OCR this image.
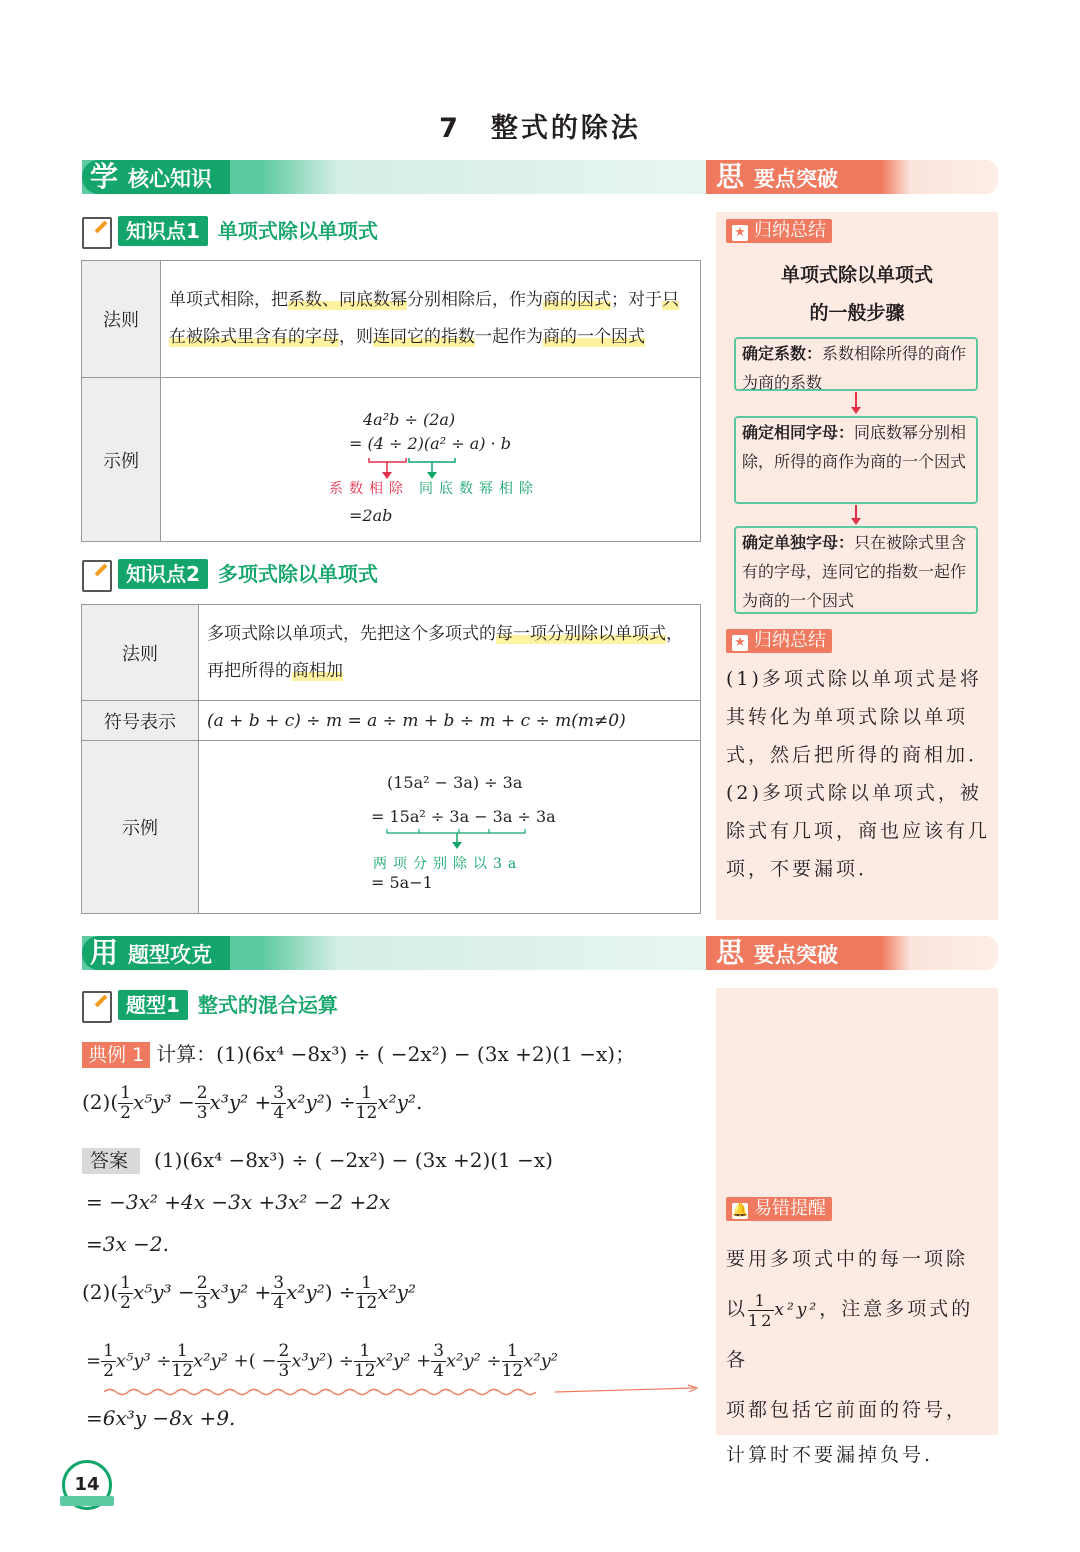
7　整式的除法
学 核心知识	思 要点突破
知识点1 单项式除以单项式
法则	单项式相除，把系数、同底数幂分别相除后，作为商的因式；对于只在被除式里含有的字母，则连同它的指数一起作为商的一个因式
示例	4a²b ÷ (2a)
= (4 ÷ 2)(a² ÷ a) · b
系数相除 同底数幂相除
=2ab
知识点2 多项式除以单项式
法则	多项式除以单项式，先把这个多项式的每一项分别除以单项式，再把所得的商相加
符号表示	(a + b + c) ÷ m = a ÷ m + b ÷ m + c ÷ m(m≠0)
示例	(15a² − 3a) ÷ 3a
= 15a² ÷ 3a − 3a ÷ 3a
两项分别除以3a
= 5a−1
★ 归纳总结
单项式除以单项式
的一般步骤
确定系数：系数相除所得的商作为商的系数
确定相同字母：同底数幂分别相除，所得的商作为商的一个因式
确定单独字母：只在被除式里含有的字母，连同它的指数一起作为商的一个因式
★ 归纳总结
(1)多项式除以单项式是将其转化为单项式除以单项式，然后把所得的商相加．(2)多项式除以单项式，被除式有几项，商也应该有几项，不要漏项．
用 题型攻克	思 要点突破
题型1 整式的混合运算
典例 1 计算：(1)(6x⁴ −8x³) ÷ ( −2x²) − (3x +2)(1 −x)；
$(2)( \frac{1}{2} x^5y^3 - \frac{2}{3} x^3y^2 + \frac{3}{4} x^2y^2) \div \frac{1}{12} x^2y^2$.
答案 (1)(6x⁴ −8x³) ÷ ( −2x²) − (3x +2)(1 −x)
= −3x² +4x −3x +3x² −2 +2x
=3x −2.
$(2)( \frac{1}{2} x^5y^3 - \frac{2}{3} x^3y^2 + \frac{3}{4} x^2y^2) \div \frac{1}{12} x^2y^2$
= $\frac{1}{2} x^5y^3 \div \frac{1}{12} x^2y^2$ +( − $\frac{2}{3} x^3y^2) \div \frac{1}{12} x^2y^2 + \frac{3}{4} x^2y^2 \div \frac{1}{12} x^2y^2$
=6x³y −8x +9.
🔔 易错提醒
要用多项式中的每一项除
以 $\frac{1}{12} x^2y^2$，注意多项式的各
项都包括它前面的符号，
计算时不要漏掉负号.
14
